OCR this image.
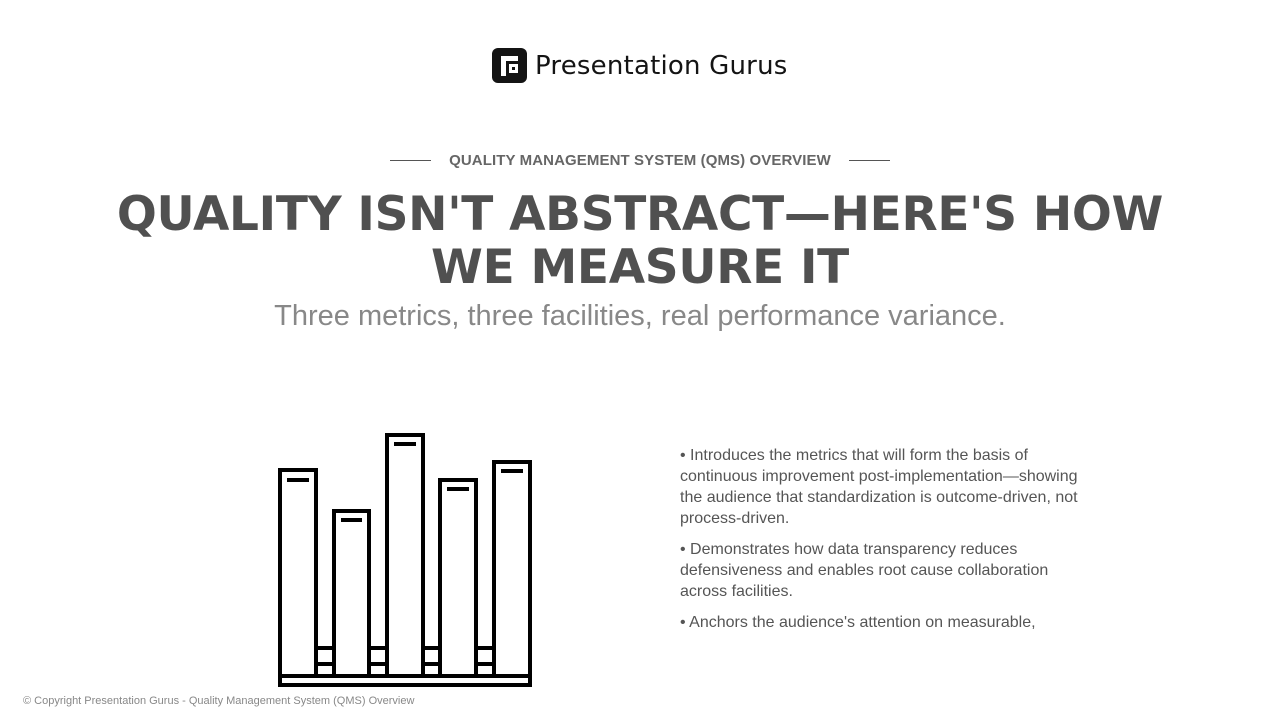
Presentation Gurus
QUALITY MANAGEMENT SYSTEM (QMS) OVERVIEW
QUALITY ISN'T ABSTRACT—HERE'S HOW WE MEASURE IT
Three metrics, three facilities, real performance variance.
• Introduces the metrics that will form the basis of continuous improvement post-implementation—showing the audience that standardization is outcome-driven, not process-driven.
• Demonstrates how data transparency reduces defensiveness and enables root cause collaboration across facilities.
• Anchors the audience's attention on measurable,
© Copyright Presentation Gurus - Quality Management System (QMS) Overview
